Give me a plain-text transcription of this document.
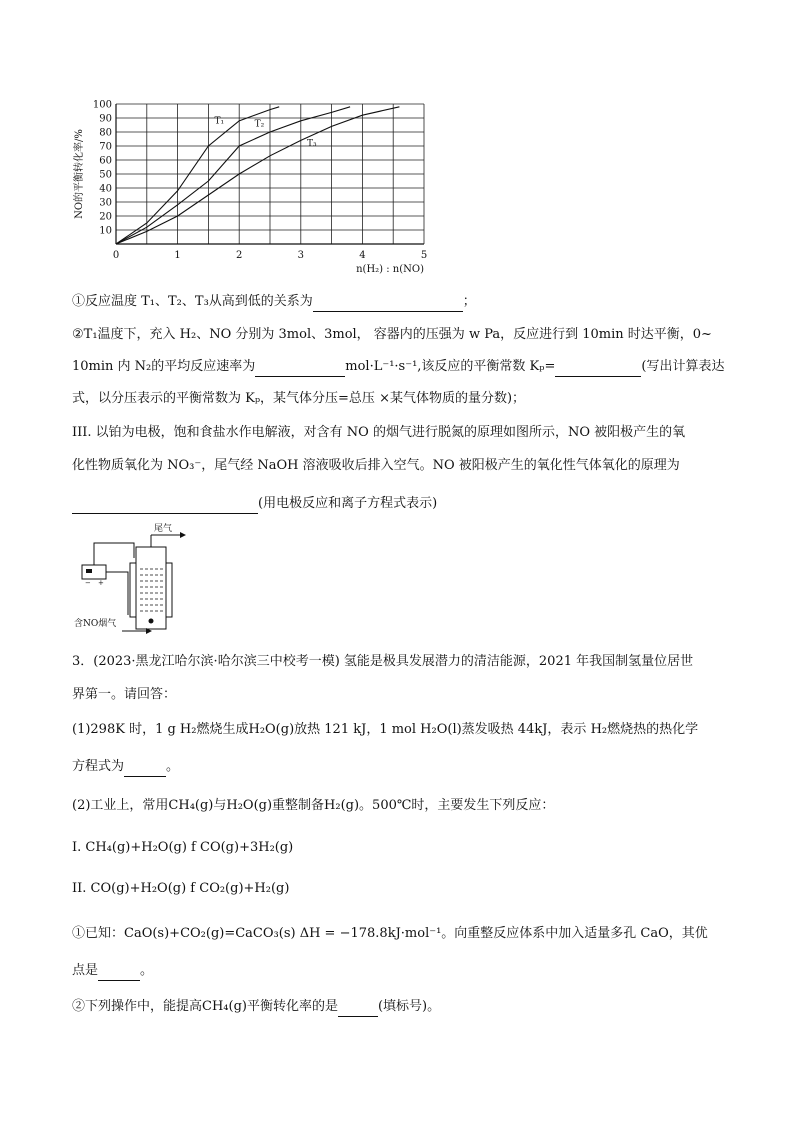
0	1	2	3	4	5
10
20
30
40
50
60
70
80
90
100
n(H₂) : n(NO)
NO的平衡转化率/%
T₁	T₂
T₃
①反应温度 T₁、T₂、T₃从高到低的关系为	；
②T₁温度下，充入 H₂、NO 分别为 3mol、3mol， 容器内的压强为 w Pa，反应进行到 10min 时达平衡，0~
10min 内 N₂的平均反应速率为	mol·L⁻¹·s⁻¹,该反应的平衡常数 Kₚ=	(写出计算表达
式，以分压表示的平衡常数为 Kₚ，某气体分压=总压 ×某气体物质的量分数)；
III. 以铂为电极，饱和食盐水作电解液，对含有 NO 的烟气进行脱氮的原理如图所示，NO 被阳极产生的氧
化性物质氧化为 NO₃⁻，尾气经 NaOH 溶液吸收后排入空气。NO 被阳极产生的氧化性气体氧化的原理为
(用电极反应和离子方程式表示)
− +
尾气
含NO烟气
3．(2023·黑龙江哈尔滨·哈尔滨三中校考一模) 氢能是极具发展潜力的清洁能源，2021 年我国制氢量位居世
界第一。请回答：
(1)298K 时，1 g H₂燃烧生成H₂O(g)放热 121 kJ，1 mol H₂O(l)蒸发吸热 44kJ，表示 H₂燃烧热的热化学
方程式为	。
(2)工业上，常用CH₄(g)与H₂O(g)重整制备H₂(g)。500℃时，主要发生下列反应：
I. CH₄(g)+H₂O(g) f CO(g)+3H₂(g)
II. CO(g)+H₂O(g) f CO₂(g)+H₂(g)
①已知：CaO(s)+CO₂(g)=CaCO₃(s) ΔH = −178.8kJ·mol⁻¹。向重整反应体系中加入适量多孔 CaO，其优
点是	。
②下列操作中，能提高CH₄(g)平衡转化率的是	(填标号)。
